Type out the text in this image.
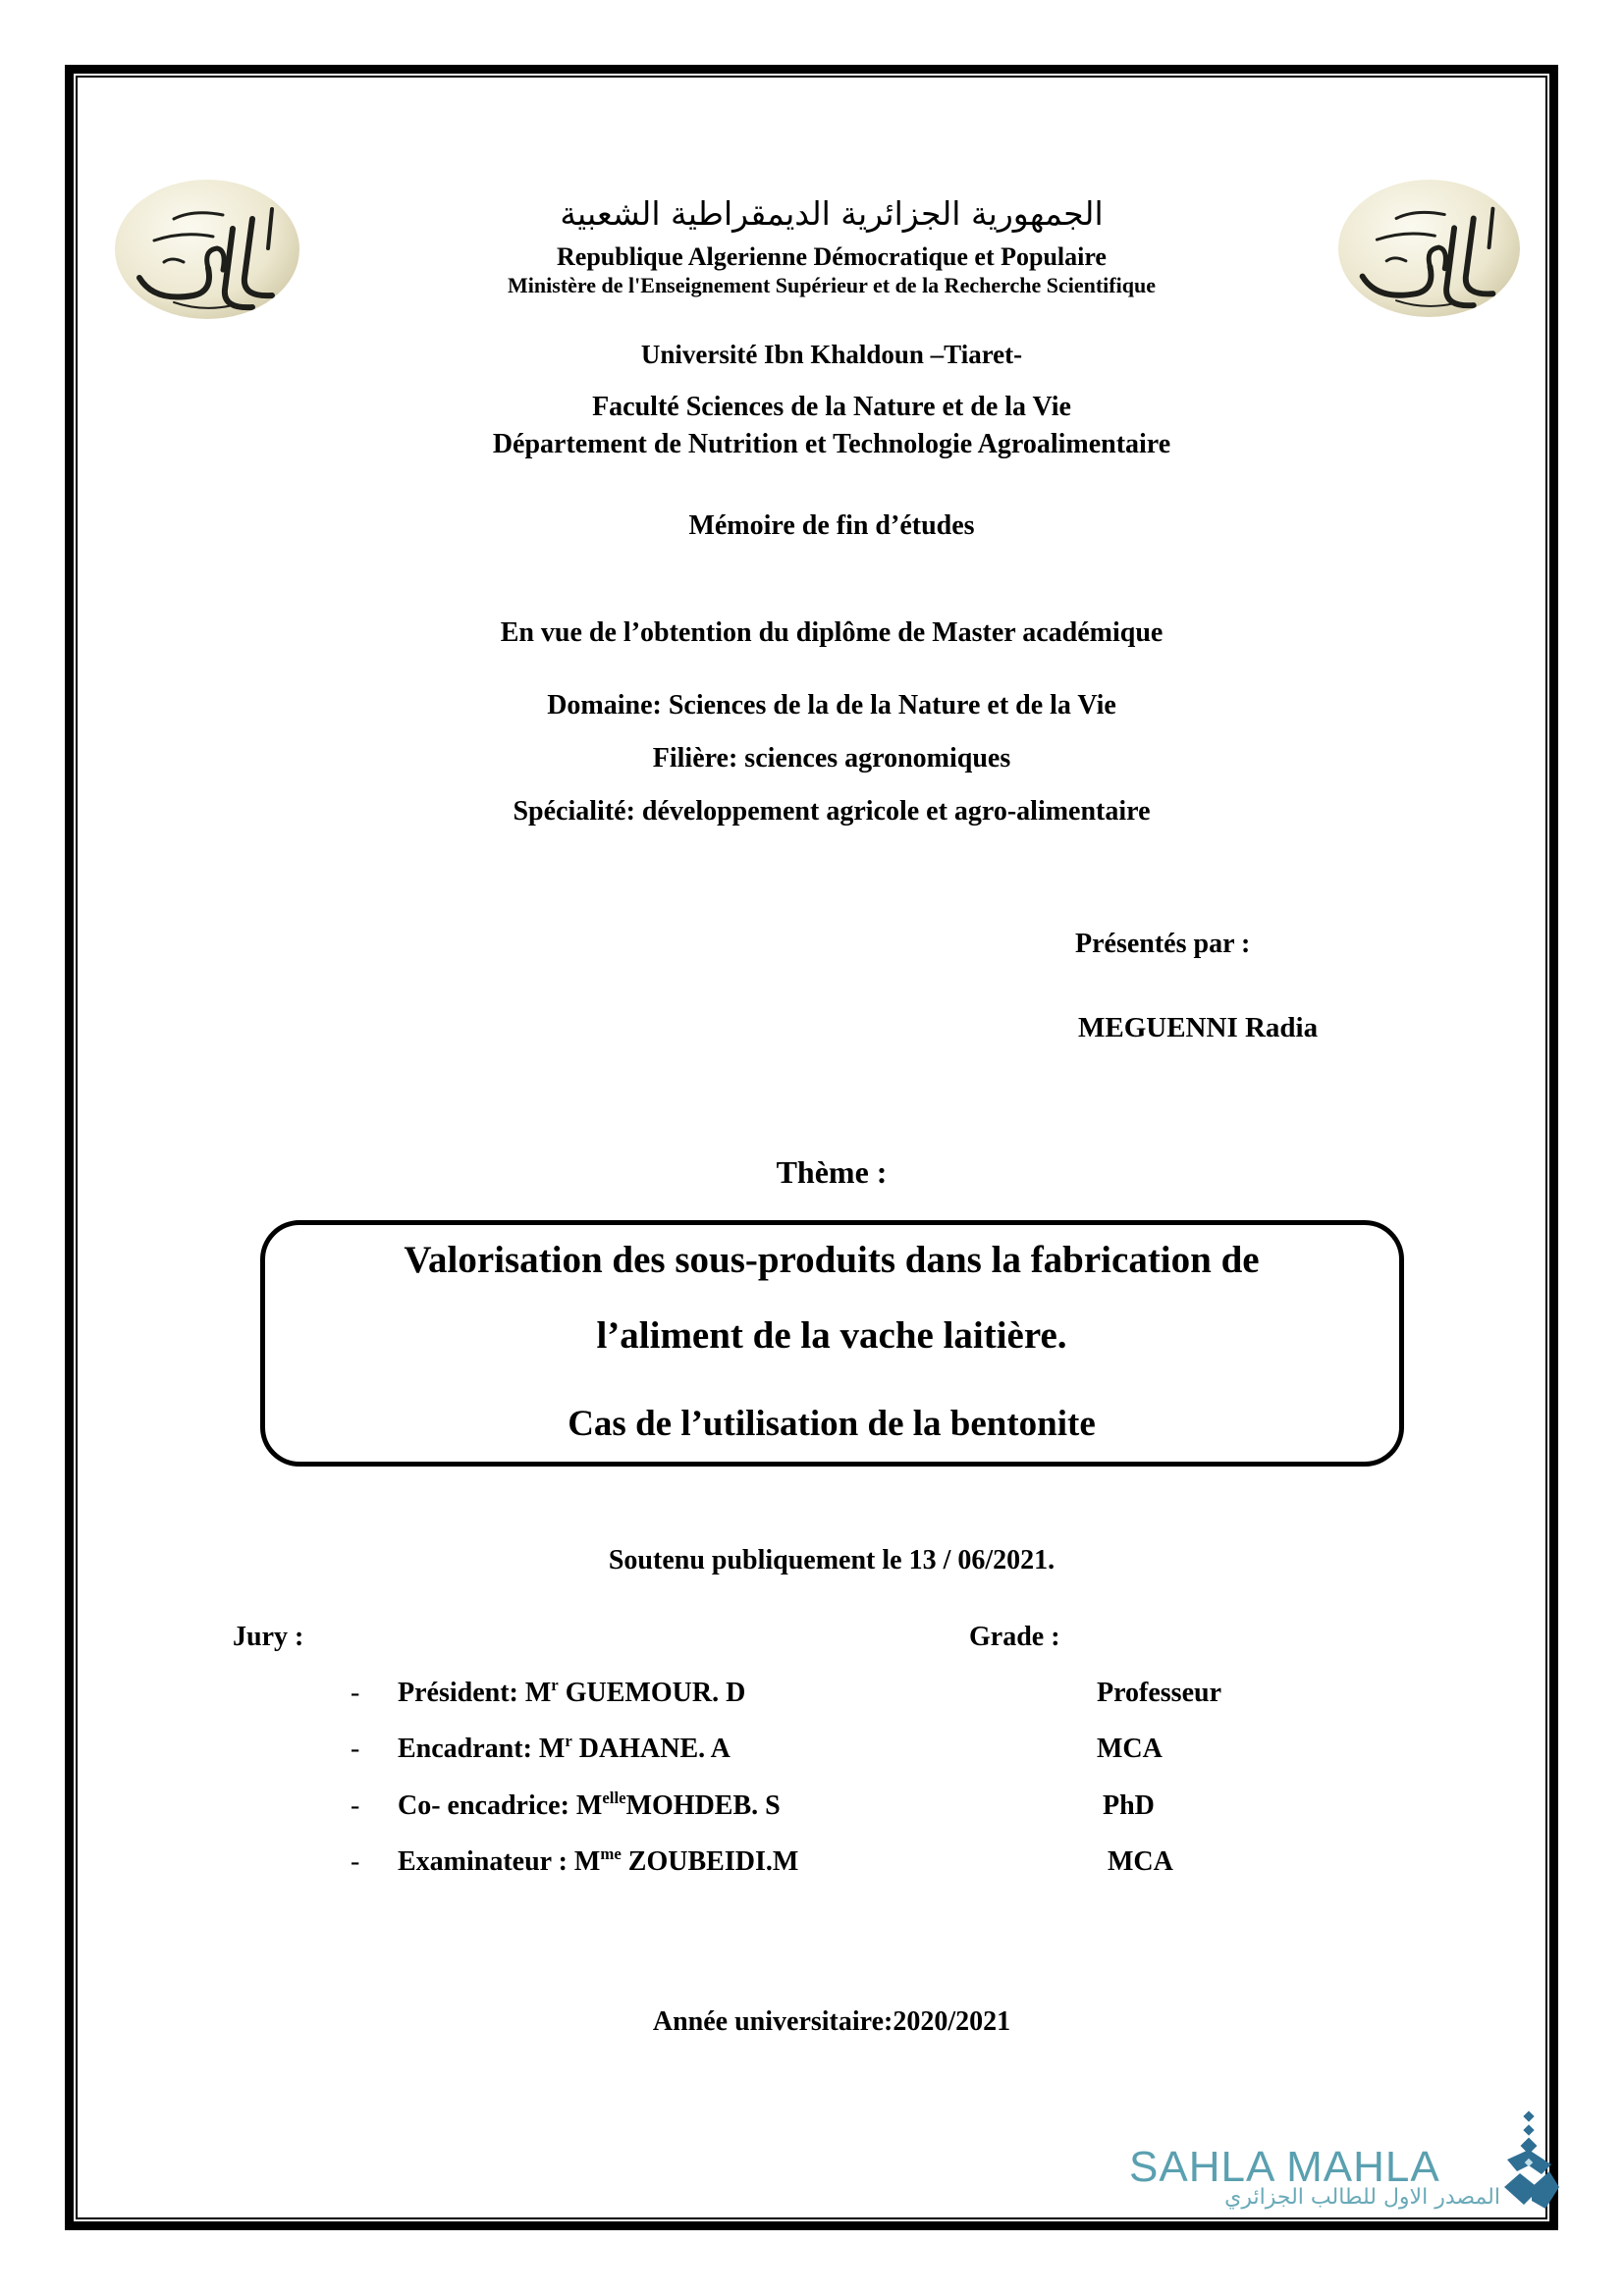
الجمهورية الجزائرية الديمقراطية الشعبية
Republique Algerienne Démocratique et Populaire
Ministère de l'Enseignement Supérieur et de la Recherche Scientifique
Université Ibn Khaldoun –Tiaret-
Faculté Sciences de la Nature et de la Vie
Département de Nutrition et Technologie Agroalimentaire
Mémoire de fin d’études
En vue de l’obtention du diplôme de Master académique
Domaine: Sciences de la de la Nature et de la Vie
Filière: sciences agronomiques
Spécialité: développement agricole et agro-alimentaire
Présentés par :
MEGUENNI Radia
Thème :
Valorisation des sous-produits dans la fabrication de
l’aliment de la vache laitière.
Cas de l’utilisation de la bentonite
Soutenu publiquement le 13 / 06/2021.
Jury :	Grade :
- Président: $M^r$ GUEMOUR. D	Professeur
- Encadrant: $M^r$ DAHANE. A	MCA
- Co- encadrice: $M^{elle}MOHDEB$. S	PhD
- Examinateur : $M^{me}$ ZOUBEIDI.M	MCA
Année universitaire:2020/2021
SAHLA MAHLA
المصدر الاول للطالب الجزائري
